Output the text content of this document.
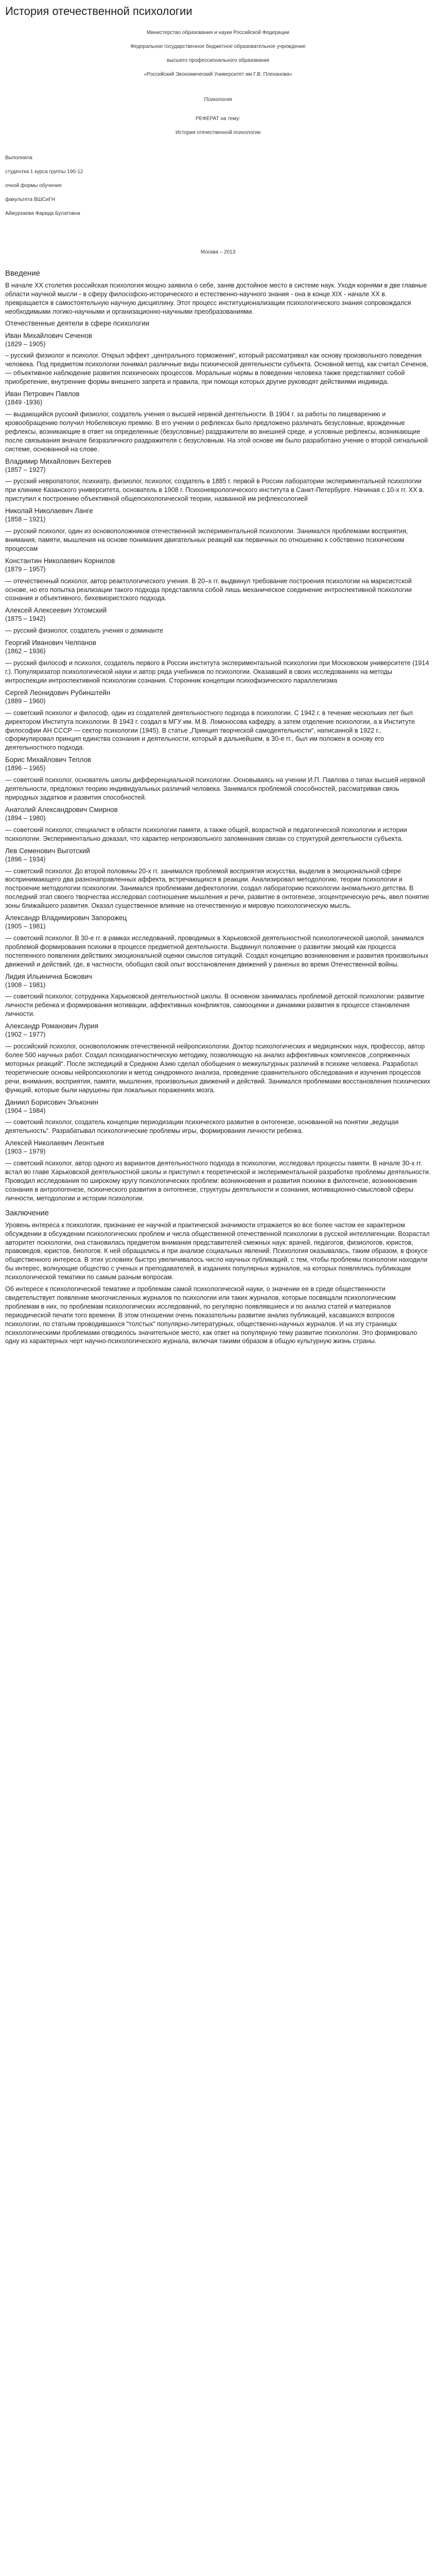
История отечественной психологии

Министерство образования и науки Российской Федерации

Федеральное государственное бюджетное образовательное учреждение

высшего профессионального образования

«Российский Экономический Университет им Г.В. Плеханова»

Психология

РЕФЕРАТ на тему:

История отечественной психологии

Выполнила

студентка 1 курса группы 190-12

очной формы обучения

факультета ВШСиГН

Айжурзаева Фарида Булатовна

Москва – 2013

Введение

В начале ХХ столетия российская психология мощно заявила о себе, заняв достойное место в системе наук. Уходя корнями в две главные области научной мысли - в сферу философско-исторического и естественно-научного знания - она в конце ХIХ - начале ХХ в. превращается в самостоятельную научную дисциплину. Этот процесс институционализации психологического знания сопровождался необходимыми логико-научными и организационно-научными преобразованиями.

Отечественные деятели в сфере психологии
Иван Михайлович Сеченов
(1829 – 1905)

– русский физиолог и психолог. Открыл эффект „центрального торможения“, который рассматривал как основу произвольного поведения человека. Под предметом психологии понимал различные виды психической деятельности субъекта. Основной метод, как считал Сеченов, — объективное наблюдение развития психических процессов. Моральные нормы в поведении человека также представляют собой приобретение, внутренние формы внешнего запрета и правила, при помощи которых другие руководят действиями индивида.

Иван Петрович Павлов
(1849 -1936)

— выдающийся русский физиолог, создатель учения о высшей нервной деятельности. В 1904 г. за работы по пищеварению и кровообращению получил Нобелевскую премию. В его учении о рефлексах было предложено различать безусловные, врожденные рефлексы, возникающие в ответ на определенные (безусловные) раздражители во внешней среде, и условные рефлексы, возникающие после связывания вначале безразличного раздражителя с безусловным. На этой основе им было разработано учение о второй сигнальной системе, основанной на слове.

Владимир Михайлович Бехтерев
(1857 – 1927)

— русский невропатолог, психиатр, физиолог, психолог, создатель в 1885 г. первой в России лаборатории экспериментальной психологии при клинике Казанского университета, основатель в 1908 г. Психоневрологического института в Санкт-Петербурге. Начиная с 10-х гг. ХХ в. приступил к построению объективной общепсихологической теории, названной им рефлексологией

Николай Николаевич Ланге
(1858 – 1921)

— русский психолог, один из основоположников отечественной экспериментальной психологии. Занимался проблемами восприятия, внимания, памяти, мышления на основе понимания двигательных реакций как первичных по отношению к собственно психическим процессам

Константин Николаевич Корнилов
(1879 – 1957)

— отечественный психолог, автор реактологического учения. В 20–х гг. выдвинул требование построения психологии на марксистской основе, но его попытка реализации такого подхода представляла собой лишь механическое соединение интроспективной психологии сознания и объективного, бихевиористского подхода.

Алексей Алексеевич Ухтомский
(1875 – 1942)

— русский физиолог, создатель учения о доминанте

Георгий Иванович Челпанов
(1862 – 1936)

— русский философ и психолог, создатель первого в России института экспериментальной психологии при Московском университете (1914 г.). Популяризатор психологической науки и автор ряда учебников по психологии. Оказавший в своих исследованиях на методы интроспекции интроспективной психологии сознания. Сторонник концепции психофизического параллелизма

Сергей Леонидович Рубинштейн
(1889 – 1960)

— советский психолог и философ, один из создателей деятельностного подхода в психологии. С 1942 г. в течение нескольких лет был директором Института психологии. В 1943 г. создал в МГУ им. М.В. Ломоносова кафедру, а затем отделение психологии, а в Институте философии АН СССР — сектор психологии (1945). В статье „Принцип творческой самодеятельности“, написанной в 1922 г., сформулировал принцип единства сознания и деятельности, который в дальнейшем, в 30-е гг., был им положен в основу его деятельностного подхода.

Борис Михайлович Теплов
(1896 – 1965)

— советский психолог, основатель школы дифференциальной психологии. Основываясь на учении И.П. Павлова о типах высшей нервной деятельности, предложил теорию индивидуальных различий человека. Занимался проблемой способностей, рассматривая связь природных задатков и развития способностей.

Анатолий Александрович Смирнов
(1894 – 1980)

— советский психолог, специалист в области психологии памяти, а также общей, возрастной и педагогической психологии и истории психологии. Экспериментально доказал, что характер непроизвольного запоминания связан со структурой деятельности субъекта.

Лев Семенович Выготский
(1896 – 1934)

— советский психолог. До второй половины 20-х гг. занимался проблемой восприятия искусства, выделив в эмоциональной сфере воспринимающего два разнонаправленных аффекта, встречающихся в реакции. Анализировал методологию, теории психологии и построение методологии психологии. Занимался проблемами дефектологии, создал лабораторию психологии аномального детства. В последний этап своего творчества исследовал соотношение мышления и речи, развитие в онтогенезе, эгоцентрическую речь, ввел понятие зоны ближайшего развития. Оказал существенное влияние на отечественную и мировую психологическую мысль.

Александр Владимирович Запорожец
(1905 – 1981)

— советский психолог. В 30-е гг. в рамках исследований, проводимых в Харьковской деятельностной психологической школой, занимался проблемой формирования психики в процессе предметной деятельности. Выдвинул положение о развитии эмоций как процесса постепенного появления действиях эмоциональной оценки смыслов ситуаций. Создал концепцию возникновения и развития произвольных движений и действий, где, в частности, обобщил свой опыт восстановления движений у раненых во время Отечественной войны.

Лидия Ильинична Божович
(1908 – 1981)

— советский психолог, сотрудника Харьковской деятельностной школы. В основном занималась проблемой детской психологии: развитие личности ребенка и формирования мотивации, аффективных конфликтов, самооценки и динамики развития в процессе становления личности.

Александр Романович Лурия
(1902 – 1977)

— российский психолог, основоположник отечественной нейропсихологии. Доктор психологических и медицинских наук, профессор, автор более 500 научных работ. Создал психодиагностическую методику, позволяющую на анализ аффективных комплексов „сопряженных моторных реакций“. После экспедиций в Среднюю Азию сделал обобщения о межкультурных различий в психике человека. Разработал теоретические основы нейропсихологии и метод синдромного анализа, проведение сравнительного обследования и изучения процессов речи, внимания, восприятия, памяти, мышления, произвольных движений и действий. Занимался проблемами восстановления психических функций, которые были нарушены при локальных поражениях мозга.

Даниил Борисович Эльконин
(1904 – 1984)

— советский психолог, создатель концепции периодизации психического развития в онтогенезе, основанной на понятии „ведущая деятельность“. Разрабатывал психологические проблемы игры, формирования личности ребенка.

Алексей Николаевич Леонтьев
(1903 – 1979)

— советский психолог, автор одного из вариантов деятельностного подхода в психологии, исследовал процессы памяти. В начале 30-х гг. встал во главе Харьковской деятельностной школы и приступил к теоретической и экспериментальной разработке проблемы деятельности. Проводил исследования по широкому кругу психологических проблем: возникновения и развития психики в филогенезе, возникновения сознания в антропогенезе, психического развития в онтогенезе, структуры деятельности и сознания, мотивационно-смысловой сферы личности, методологии и истории психологии.

Заключение

Уровень интереса к психологии, признание ее научной и практической значимости отражается во все более частом ее характерном обсуждении в обсуждении психологических проблем и числа общественной отечественной психологии в русской интеллигенции. Возрастал авторитет психологии, она становилась предметом внимания представителей смежных наук: врачей, педагогов, физиологов, юристов, правоведов, юристов, биологов. К ней обращались и при анализе социальных явлений. Психология оказывалась, таким образом, в фокусе общественного интереса. В этих условиях быстро увеличивалось число научных публикаций, с тем, чтобы проблемы психологии находили бы интерес, волнующие общество с ученых и преподавателей, в изданиях популярных журналов, на которых появлялись публикации психологической тематики по самым разным вопросам.

Об интересе к психологической тематике и проблемам самой психологической науки, о значении ее в среде общественности свидетельствует появление многочисленных журналов по психологии или таких журналов, которые посвящали психологическим проблемам в них, по проблемам психологических исследований, по регулярно появлявшиеся и по анализ статей и материалов периодической печати того времени. В этом отношении очень показательны развитие анализ публикаций, касавшихся вопросов психологии, по статьям проводившихся "толстых" популярно-литературных, общественно-научных журналов. И на эту страницах психологическими проблемами отводилось значительное место, как ответ на популярную тему развитие психологии. Это формировало одну из характерных черт научно-психологического журнала, включая такими образом в общую культурную жизнь страны.
